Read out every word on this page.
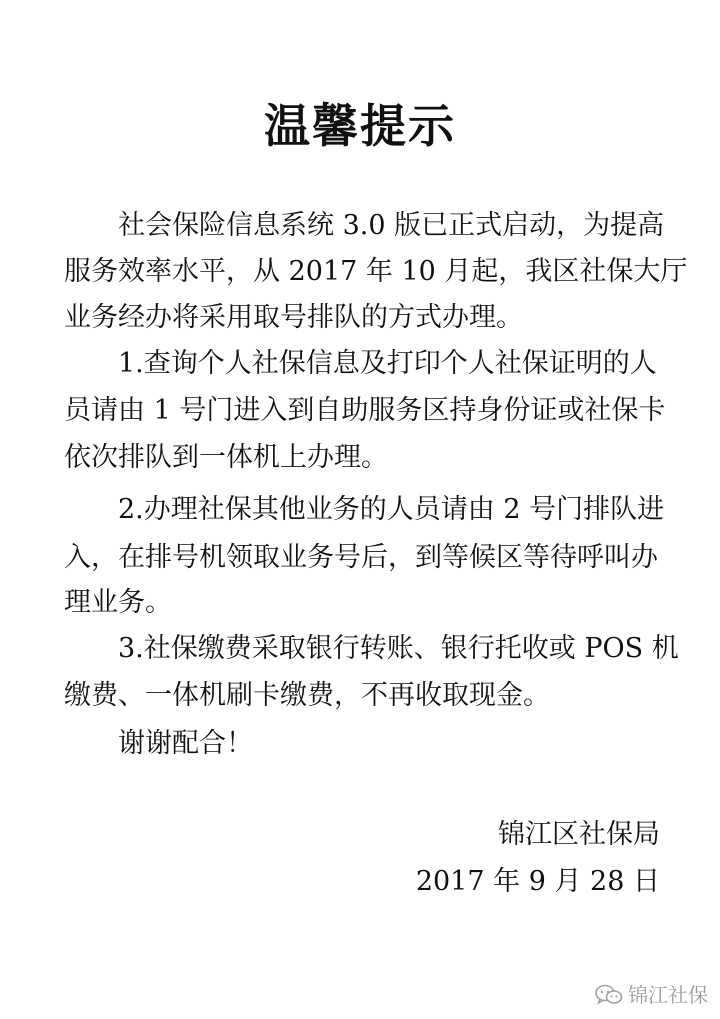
温馨提示
社会保险信息系统 3.0 版已正式启动，为提高
服务效率水平，从 2017 年 10 月起，我区社保大厅
业务经办将采用取号排队的方式办理。
1.查询个人社保信息及打印个人社保证明的人
员请由 1 号门进入到自助服务区持身份证或社保卡
依次排队到一体机上办理。
2.办理社保其他业务的人员请由 2 号门排队进
入，在排号机领取业务号后，到等候区等待呼叫办
理业务。
3.社保缴费采取银行转账、银行托收或 POS 机
缴费、一体机刷卡缴费，不再收取现金。
谢谢配合！
锦江区社保局
2017 年 9 月 28 日
锦江社保
